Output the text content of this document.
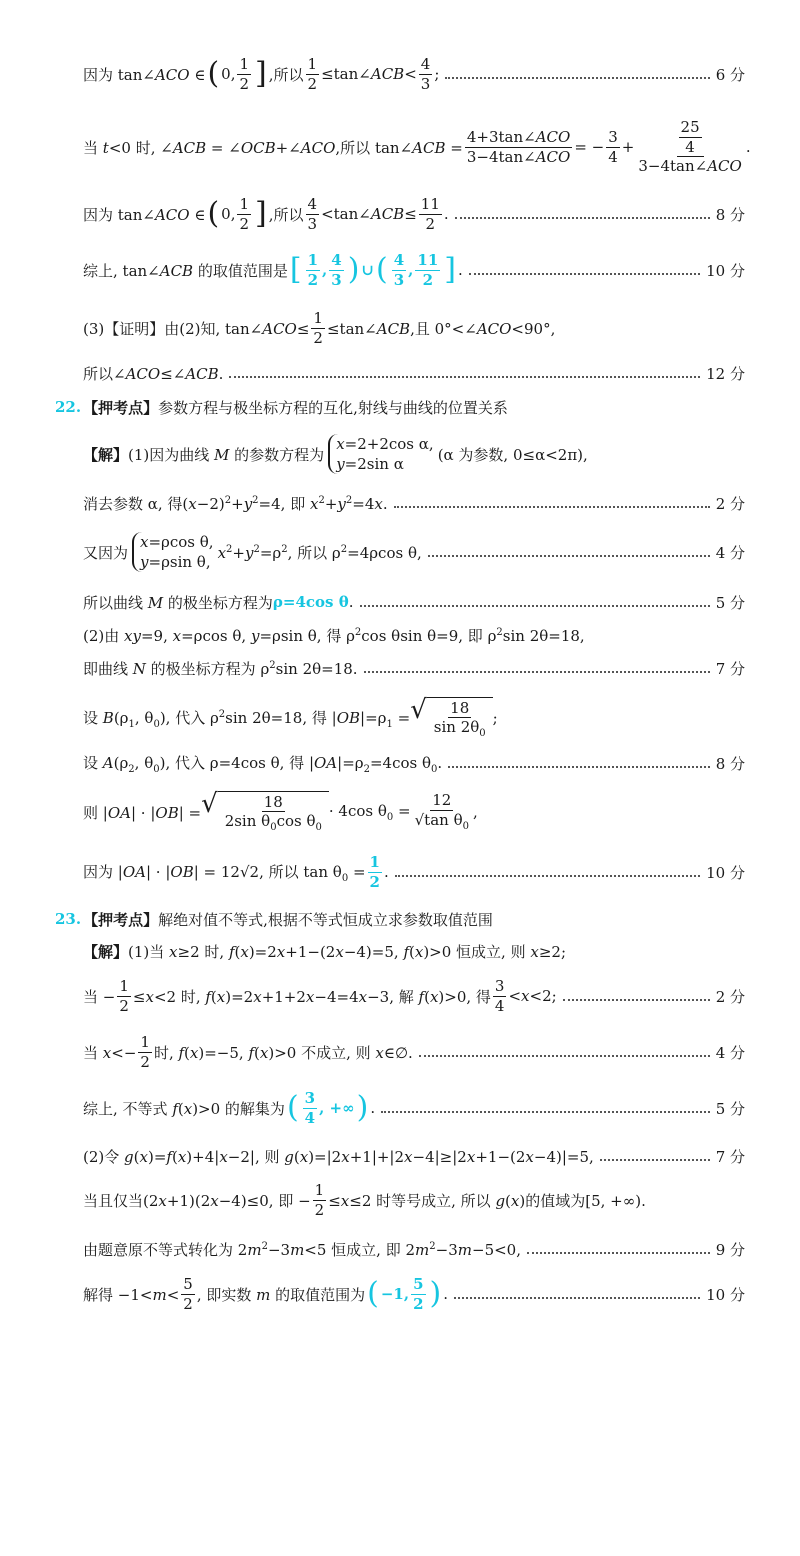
因为 tan∠ACO ∈ ( 0, $\frac{1}{2}$ ] ,所以 $\frac{1}{2}$ ≤tan∠ACB< $\frac{4}{3}$ ;	6 分
当 t<0 时, ∠ACB = ∠OCB+∠ACO,所以 tan∠ACB = $\frac{\text{4+3tan∠ACO}}{\text{3−4tan∠ACO}}$ = − $\frac{3}{4} + \frac{\frac{25}{4}}{\text{3−4tan∠ACO}}$ .
因为 tan∠ACO ∈ ( 0, $\frac{1}{2}$ ] ,所以 $\frac{4}{3}$ <tan∠ACB≤ $\frac{11}{2}$ .	8 分
综上, tan∠ACB 的取值范围是 [ $\frac{1}{2}$ , $\frac{4}{3}$ ) ∪ ( $\frac{4}{3}$ , $\frac{11}{2}$ ] .	10 分
(3)【证明】由(2)知, tan∠ACO≤ $\frac{1}{2}$ ≤tan∠ACB,且 0°<∠ACO<90°,
所以∠ACO≤∠ACB.	12 分
22. 【押考点】 参数方程与极坐标方程的互化,射线与曲线的位置关系
【解】(1)因为曲线 M 的参数方程为
x=2+2cos α,
y=2sin α
(α 为参数, 0≤α<2π),
消去参数 α, 得$(x-2)^2+y^2=4$, 即 $x^2+y^2=4x$.	2 分
又因为
x=ρcos θ,
y=ρsin θ,
$x^2+y^2=\rho^2$, 所以 $\rho^2=4\rho\cos$ θ,	4 分
所以曲线 M 的极坐标方程为 ρ=4cos θ .	5 分
(2)由 xy=9, x=ρcos θ, y=ρsin θ, 得 $\rho^2\cos$ θsin θ=9, 即 $\rho^2\sin$ 2θ=18,
即曲线 N 的极坐标方程为 $\rho^2\sin$ 2θ=18.	7 分
设 $B(\rho_1$, $\theta_0$), 代入 $\rho^2\sin$ 2θ=18, 得 $|OB|=\rho_1$ = √ $\frac{18}{\sin 2\theta_0}$ ;
设 $A(\rho_2$, $\theta_0$), 代入 ρ=4cos θ, 得 $|OA|=\rho_2=4\cos$ $\theta_0$.	8 分
则 |OA| · |OB| = √ $\frac{18}{2\sin \theta_0\cos \theta_0} \cdot 4\cos$ $\theta_0 = \frac{12}{√\tan \theta_0}$ ,
因为 |OA| · |OB| = 12√2, 所以 $\tan \theta_0 = \frac{1}{2}$ .	10 分
23. 【押考点】 解绝对值不等式,根据不等式恒成立求参数取值范围
【解】(1)当 x≥2 时, f(x)=2x+1−(2x−4)=5, f(x)>0 恒成立, 则 x≥2;
当 − $\frac{1}{2} \le x<2$ 时, f(x)=2x+1+2x−4=4x−3, 解 f(x)>0, 得 $\frac{3}{4} <x<2$;	2 分
当 $x<- \frac{1}{2}$ 时, f(x)=−5, f(x)>0 不成立, 则 x∈∅.	4 分
综上, 不等式 f(x)>0 的解集为 ( $\frac{3}{4}$ , +∞ ) .	5 分
(2)令 g(x)=f(x)+4|x−2|, 则 g(x)=|2x+1|+|2x−4|≥|2x+1−(2x−4)|=5,	7 分
当且仅当(2x+1)(2x−4)≤0, 即 − $\frac{1}{2} \le x\le 2$ 时等号成立, 所以 g(x)的值域为[5, +∞).
由题意原不等式转化为 $2m^2-3m<5$ 恒成立, 即 $2m^2-3m-5<0$,	9 分
解得 $-1<m< \frac{5}{2}$ , 即实数 m 的取值范围为 ( −1 , $\frac{5}{2}$ ) .	10 分
